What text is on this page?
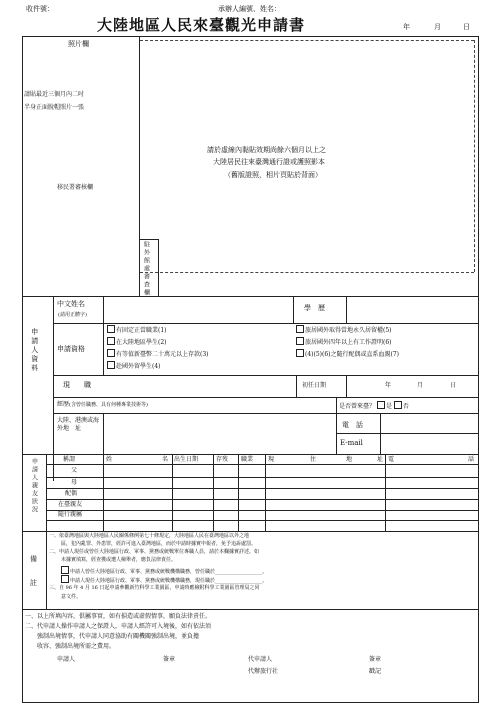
收件號：	承辦人編號、姓名：
大陸地區人民來臺觀光申請書	年	月	日
照片欄
請貼最近三個月內二吋
半身正面脫帽照片一張
移民署審核欄
請於虛線內黏貼效期尚餘六個月以上之
大陸居民往來臺灣通行證或護照影本
（舊版證照，相片頁貼於背面）
駐外館處審查欄
申請人資料
中文姓名
(請用正體字)
學　歷
申請資格
有固定正當職業(1)
在大陸地區學生(2)
有等值新臺幣二十萬元以上存款(3)
赴國外留學生(4)
旅居國外取得當地永久居留權(5)
旅居國外四年以上有工作證明(6)
(4)(5)(6)之隨行配偶或直系血親(7)
現　　職	初任日期	年	月	日
經歷(含曾任職務、具有何種專業技術等)	是否曾來臺？ 是 否
大陸、港澳或海外地　址	電　話
E-mail
申請人親友狀況	稱謂	姓	名 出生日期	存歿 職業 現	住	地	址 電	話
父
母
配偶
在臺親友
隨行親屬
備
註
一、依臺灣地區與大陸地區人民關係條例第七十條規定，大陸地區人民在臺灣地區以外之地
區，犯內亂罪、外患罪，經許可進入臺灣地區，而於申請時據實申報者，免予追訴處罰。
二、申請人現任或曾任大陸地區行政、軍事、黨務或統戰單位專職人員，請於本欄據實詳述。如
未據實填寫，經查獲或遭人檢舉者，應負法律責任。
申請人曾任大陸地區行政、軍事、黨務或統戰機構職務，曾任職於___________________。
申請人現任大陸地區行政、軍事、黨務或統戰機構職務，現任職於___________________。
三、自 96 年 4 月 16 日起申請參觀新竹科學工業園區，申請時應檢附科學工業園區管理局之同
意文件。
一、以上所填內容，俱屬事實，如有損造或虛假情事，願負法律責任。
二、代申請人操作申請人之保證人，申請人經許可入境後，如有依法須
強制出境情事，代申請人同意協助有關機關強制出境，並負擔
收容、強制出境所需之費用。
申請人	簽章	代申請人	簽章
代辦旅行社	戳記
